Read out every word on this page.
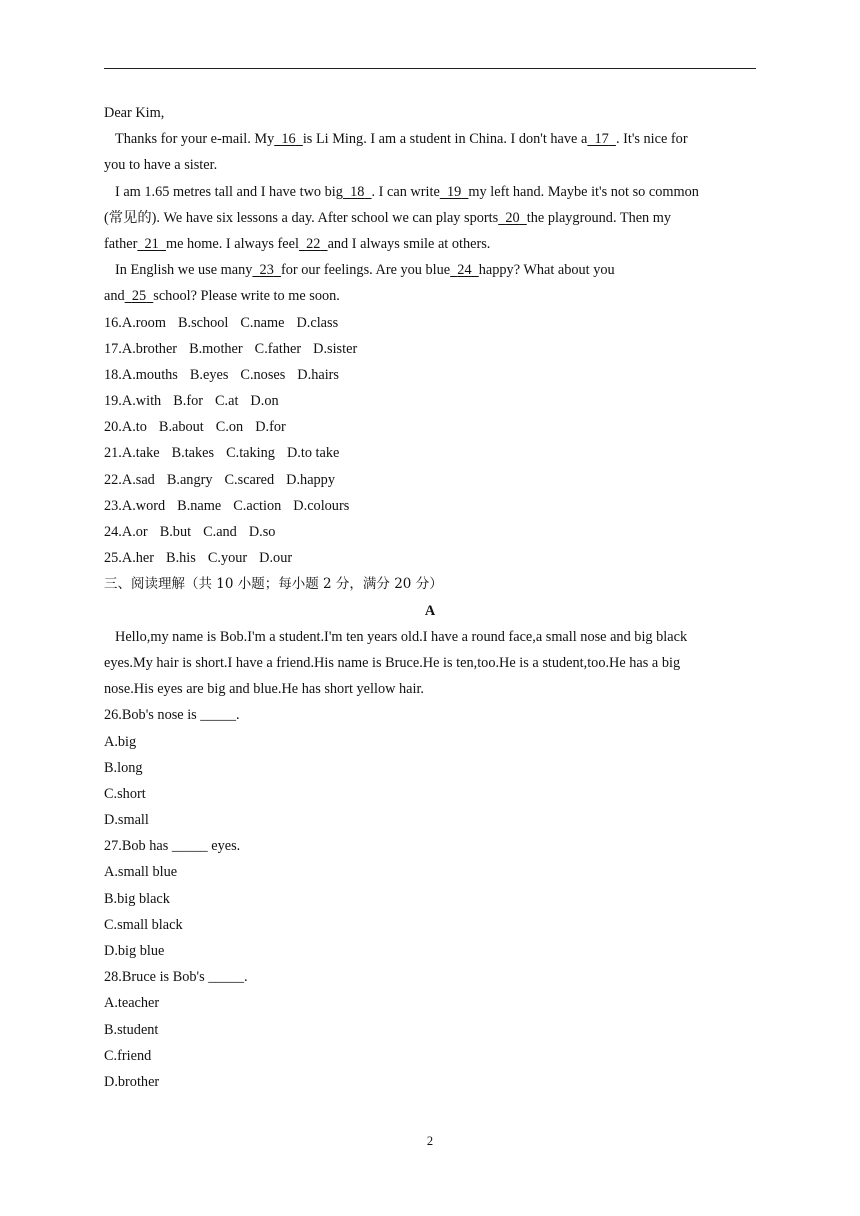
Dear Kim,
Thanks for your e-mail. My 16 is Li Ming. I am a student in China. I don't have a 17 . It's nice for
you to have a sister.
I am 1.65 metres tall and I have two big 18 . I can write 19 my left hand. Maybe it's not so common
(常见的). We have six lessons a day. After school we can play sports 20 the playground. Then my
father 21 me home. I always feel 22 and I always smile at others.
In English we use many 23 for our feelings. Are you blue 24 happy? What about you
and 25 school? Please write to me soon.
16.A.room B.school C.name D.class
17.A.brother B.mother C.father D.sister
18.A.mouths B.eyes C.noses D.hairs
19.A.with B.for C.at D.on
20.A.to B.about C.on D.for
21.A.take B.takes C.taking D.to take
22.A.sad B.angry C.scared D.happy
23.A.word B.name C.action D.colours
24.A.or B.but C.and D.so
25.A.her B.his C.your D.our
三、阅读理解（共 10 小题；每小题 2 分，满分 20 分）
A
Hello,my name is Bob.I'm a student.I'm ten years old.I have a round face,a small nose and big black
eyes.My hair is short.I have a friend.His name is Bruce.He is ten,too.He is a student,too.He has a big
nose.His eyes are big and blue.He has short yellow hair.
26.Bob's nose is _____.
A.big
B.long
C.short
D.small
27.Bob has _____ eyes.
A.small blue
B.big black
C.small black
D.big blue
28.Bruce is Bob's _____.
A.teacher
B.student
C.friend
D.brother
2
